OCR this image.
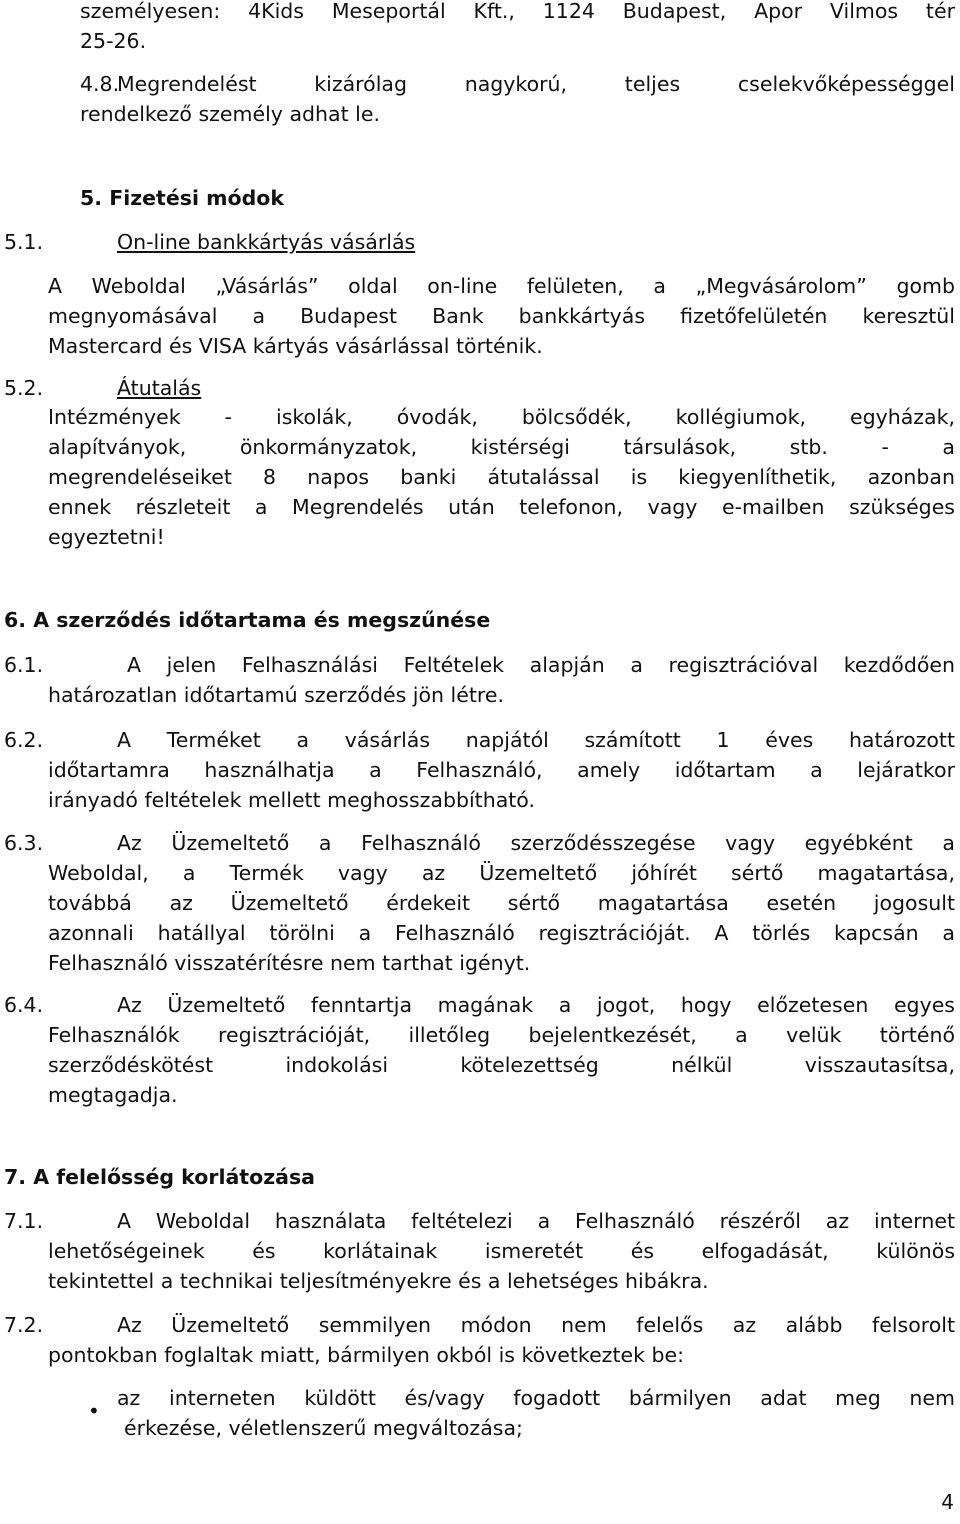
személyesen: 4Kids Meseportál Kft., 1124 Budapest, Apor Vilmos tér
25-26.
4.8.
Megrendelést kizárólag nagykorú, teljes cselekvőképességgel
rendelkező személy adhat le.
5. Fizetési módok
5.1.	On-line bankkártyás vásárlás
A Weboldal „Vásárlás” oldal on-line felületen, a „Megvásárolom” gomb
megnyomásával a Budapest Bank bankkártyás fizetőfelületén keresztül
Mastercard és VISA kártyás vásárlással történik.
5.2.	Átutalás
Intézmények - iskolák, óvodák, bölcsődék, kollégiumok, egyházak,
alapítványok, önkormányzatok, kistérségi társulások, stb. - a
megrendeléseiket 8 napos banki átutalással is kiegyenlíthetik, azonban
ennek részleteit a Megrendelés után telefonon, vagy e-mailben szükséges
egyeztetni!
6. A szerződés időtartama és megszűnése
6.1.	A jelen Felhasználási Feltételek alapján a regisztrációval kezdődően
határozatlan időtartamú szerződés jön létre.
6.2.	A Terméket a vásárlás napjától számított 1 éves határozott
időtartamra használhatja a Felhasználó, amely időtartam a lejáratkor
irányadó feltételek mellett meghosszabbítható.
6.3.	Az Üzemeltető a Felhasználó szerződésszegése vagy egyébként a
Weboldal, a Termék vagy az Üzemeltető jóhírét sértő magatartása,
továbbá az Üzemeltető érdekeit sértő magatartása esetén jogosult
azonnali hatállyal törölni a Felhasználó regisztrációját. A törlés kapcsán a
Felhasználó visszatérítésre nem tarthat igényt.
6.4.	Az Üzemeltető fenntartja magának a jogot, hogy előzetesen egyes
Felhasználók regisztrációját, illetőleg bejelentkezését, a velük történő
szerződéskötést indokolási kötelezettség nélkül visszautasítsa,
megtagadja.
7. A felelősség korlátozása
7.1.	A Weboldal használata feltételezi a Felhasználó részéről az internet
lehetőségeinek és korlátainak ismeretét és elfogadását, különös
tekintettel a technikai teljesítményekre és a lehetséges hibákra.
7.2.	Az Üzemeltető semmilyen módon nem felelős az alább felsorolt
pontokban foglaltak miatt, bármilyen okból is következtek be:
•
az interneten küldött és/vagy fogadott bármilyen adat meg nem
érkezése, véletlenszerű megváltozása;
4
